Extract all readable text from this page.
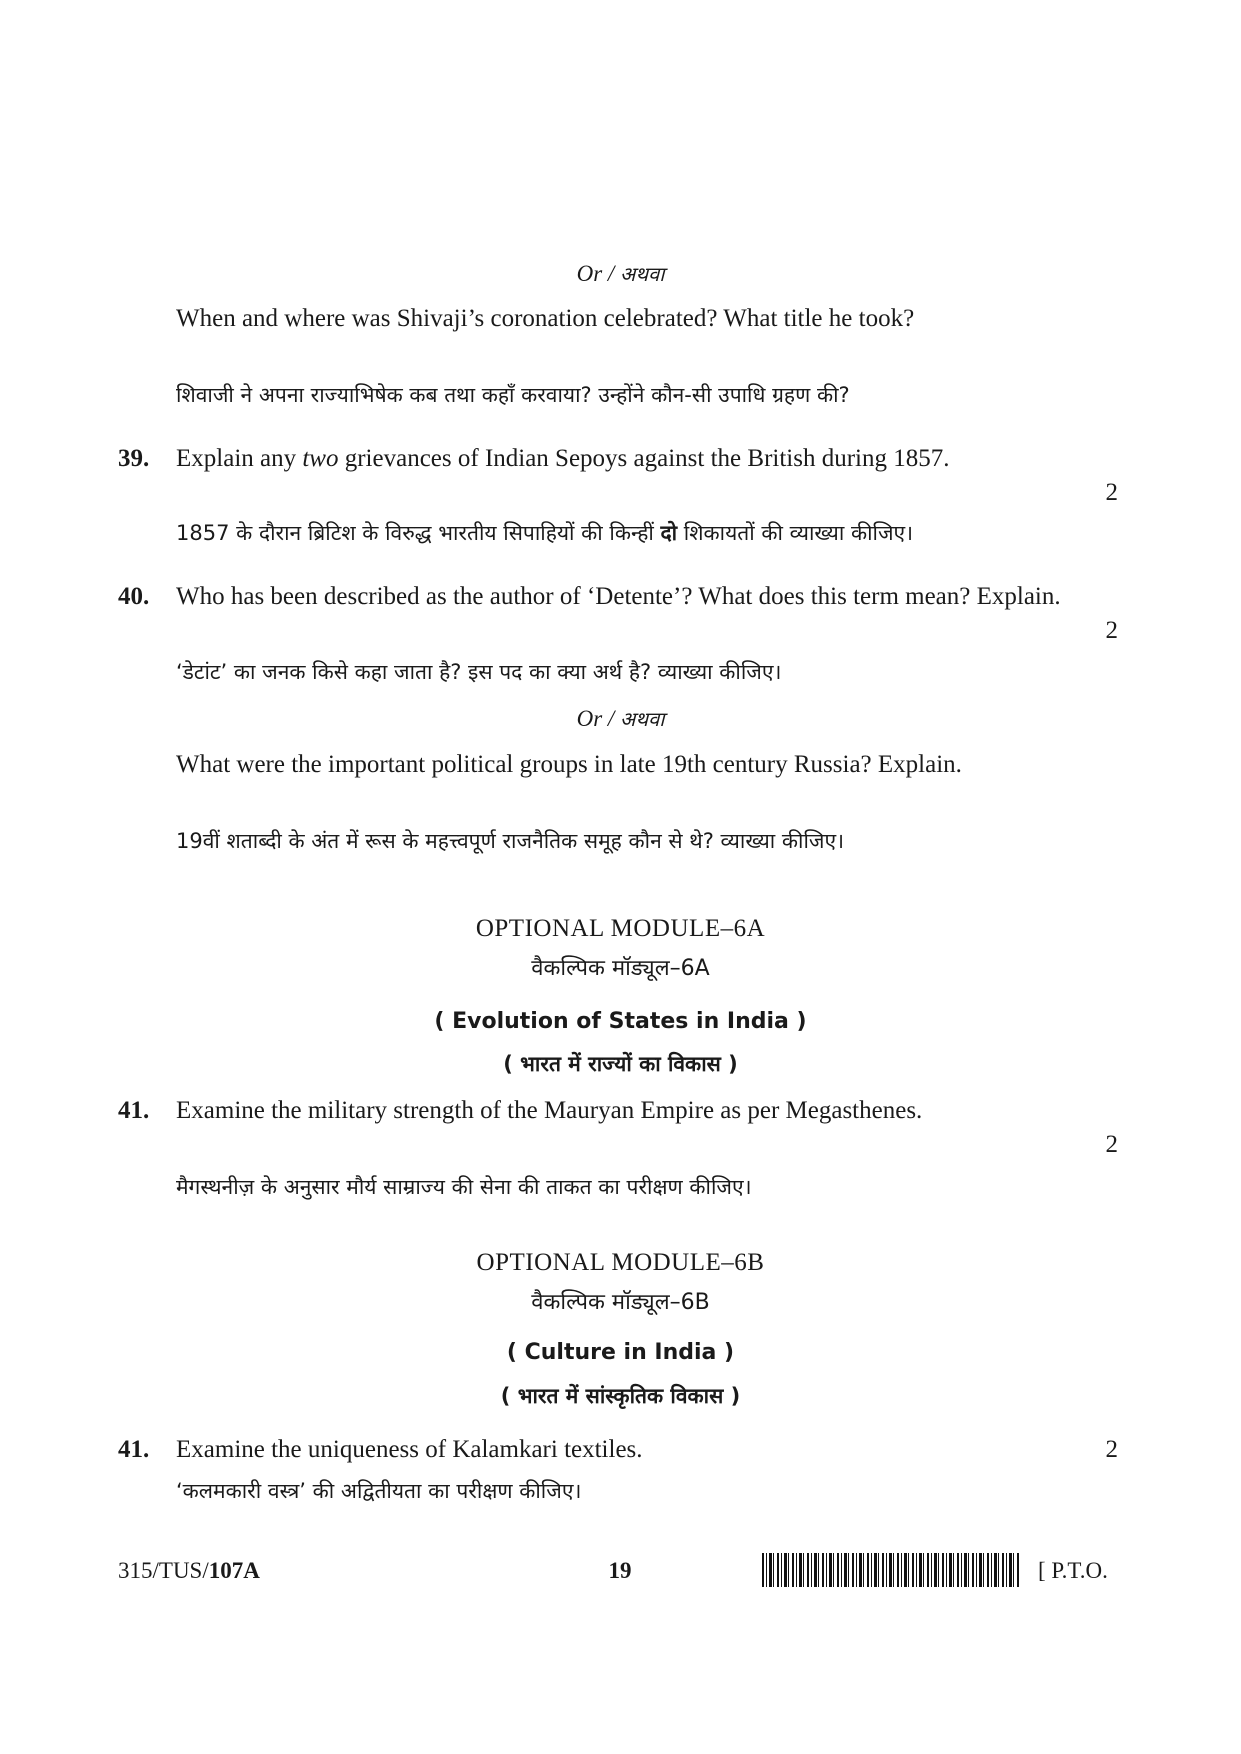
Or / अथवा
When and where was Shivaji’s coronation celebrated? What title he took?
शिवाजी ने अपना राज्याभिषेक कब तथा कहाँ करवाया? उन्होंने कौन-सी उपाधि ग्रहण की?
39. Explain any two grievances of Indian Sepoys against the British during 1857.
2
1857 के दौरान ब्रिटिश के विरुद्ध भारतीय सिपाहियों की किन्हीं दो शिकायतों की व्याख्या कीजिए।
40. Who has been described as the author of ‘Detente’? What does this term mean? Explain.
2
‘डेटांट’ का जनक किसे कहा जाता है? इस पद का क्या अर्थ है? व्याख्या कीजिए।
Or / अथवा
What were the important political groups in late 19th century Russia? Explain.
19वीं शताब्दी के अंत में रूस के महत्त्वपूर्ण राजनैतिक समूह कौन से थे? व्याख्या कीजिए।
OPTIONAL MODULE–6A
वैकल्पिक मॉड्यूल–6A
( Evolution of States in India )
( भारत में राज्यों का विकास )
41. Examine the military strength of the Mauryan Empire as per Megasthenes.
2
मैगस्थनीज़ के अनुसार मौर्य साम्राज्य की सेना की ताकत का परीक्षण कीजिए।
OPTIONAL MODULE–6B
वैकल्पिक मॉड्यूल–6B
( Culture in India )
( भारत में सांस्कृतिक विकास )
41. Examine the uniqueness of Kalamkari textiles.	2
‘कलमकारी वस्त्र’ की अद्वितीयता का परीक्षण कीजिए।
315/TUS/107A	19	[ P.T.O.
